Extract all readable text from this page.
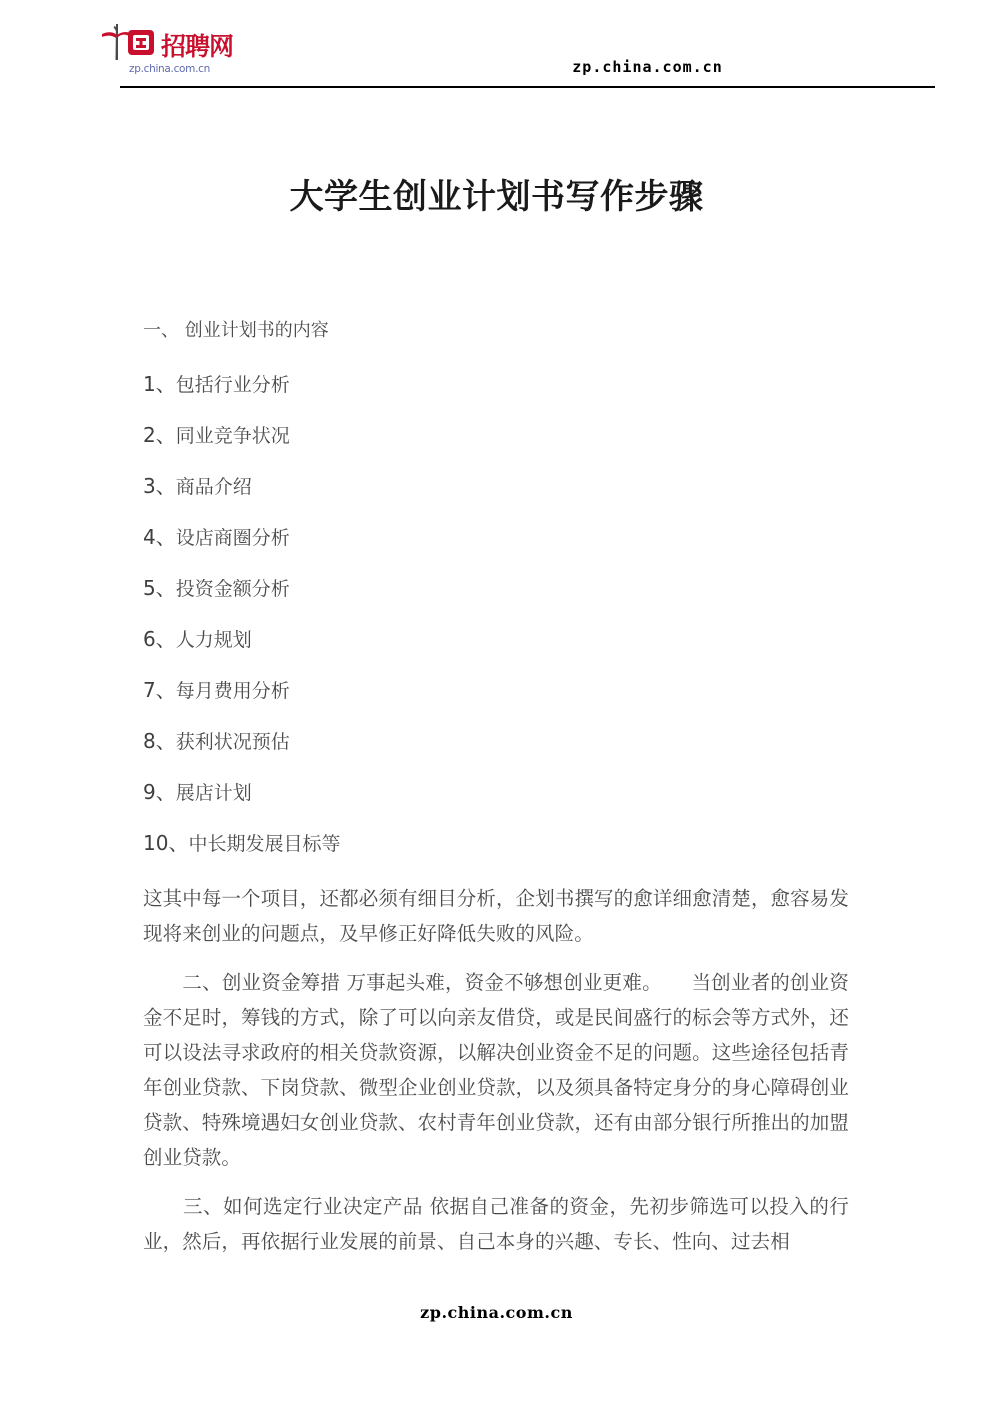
招聘网
zp.china.com.cn	zp.china.com.cn
大学生创业计划书写作步骤
一、 创业计划书的内容
1、包括行业分析
2、同业竞争状况
3、商品介绍
4、设店商圈分析
5、投资金额分析
6、人力规划
7、每月费用分析
8、获利状况预估
9、展店计划
10、中长期发展目标等

这其中每一个项目，还都必须有细目分析，企划书撰写的愈详细愈清楚，愈容易发现将来创业的问题点，及早修正好降低失败的风险。

　　二、创业资金筹措 万事起头难，资金不够想创业更难。　　当创业者的创业资金不足时，筹钱的方式，除了可以向亲友借贷，或是民间盛行的标会等方式外，还可以设法寻求政府的相关贷款资源，以解决创业资金不足的问题。这些途径包括青年创业贷款、下岗贷款、微型企业创业贷款，以及须具备特定身分的身心障碍创业贷款、特殊境遇妇女创业贷款、农村青年创业贷款，还有由部分银行所推出的加盟创业贷款。

　　三、如何选定行业决定产品 依据自己准备的资金，先初步筛选可以投入的行业，然后，再依据行业发展的前景、自己本身的兴趣、专长、性向、过去相

zp.china.com.cn
